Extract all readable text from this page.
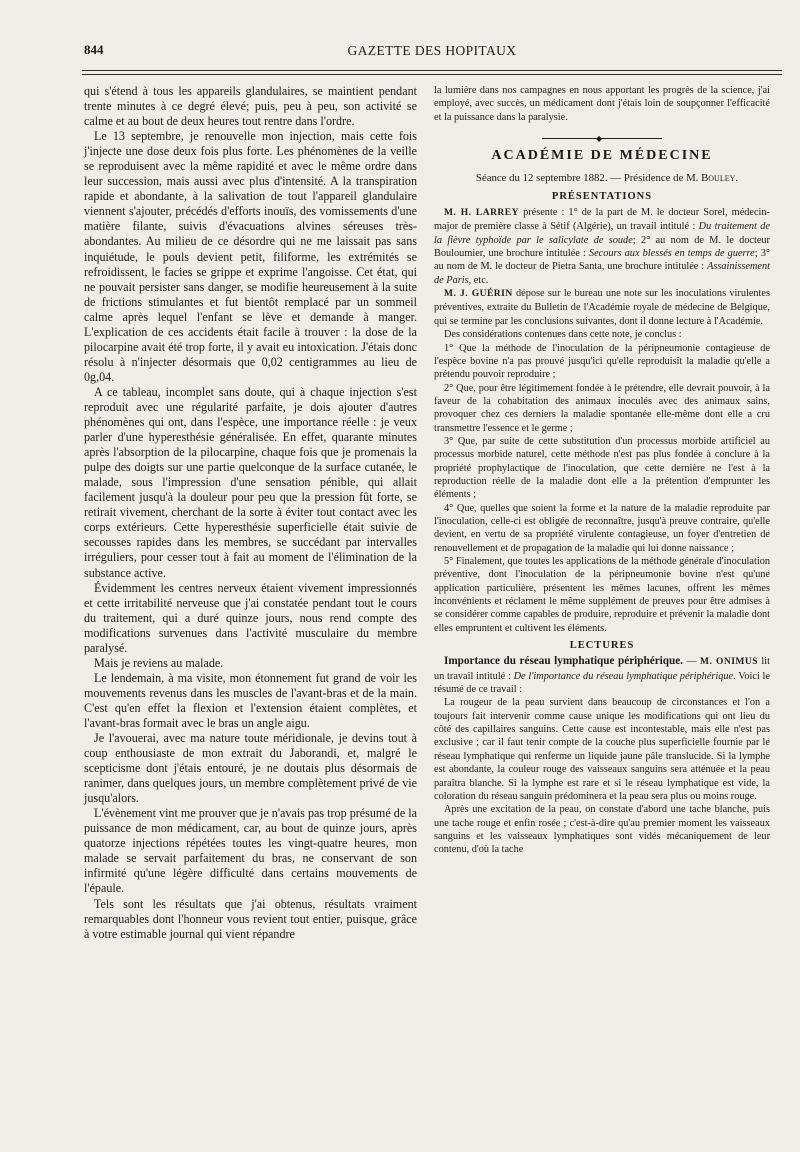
844	GAZETTE DES HOPITAUX

qui s'étend à tous les appareils glandulaires, se maintient pendant trente minutes à ce degré élevé; puis, peu à peu, son activité se calme et au bout de deux heures tout rentre dans l'ordre.

Le 13 septembre, je renouvelle mon injection, mais cette fois j'injecte une dose deux fois plus forte. Les phénomènes de la veille se reproduisent avec la même rapidité et avec le même ordre dans leur succession, mais aussi avec plus d'intensité. A la transpiration rapide et abondante, à la salivation de tout l'appareil glandulaire viennent s'ajouter, précédés d'efforts inouïs, des vomissements d'une matière filante, suivis d'évacuations alvines séreuses très-abondantes. Au milieu de ce désordre qui ne me laissait pas sans inquiétude, le pouls devient petit, filiforme, les extrémités se refroidissent, le facies se grippe et exprime l'angoisse. Cet état, qui ne pouvait persister sans danger, se modifie heureusement à la suite de frictions stimulantes et fut bientôt remplacé par un sommeil calme après lequel l'enfant se lève et demande à manger. L'explication de ces accidents était facile à trouver : la dose de la pilocarpine avait été trop forte, il y avait eu intoxication. J'étais donc résolu à n'injecter désormais que 0,02 centigrammes au lieu de 0g,04.

A ce tableau, incomplet sans doute, qui à chaque injection s'est reproduit avec une régularité parfaite, je dois ajouter d'autres phénomènes qui ont, dans l'espèce, une importance réelle : je veux parler d'une hyperesthésie généralisée. En effet, quarante minutes après l'absorption de la pilocarpine, chaque fois que je promenais la pulpe des doigts sur une partie quelconque de la surface cutanée, le malade, sous l'impression d'une sensation pénible, qui allait facilement jusqu'à la douleur pour peu que la pression fût forte, se retirait vivement, cherchant de la sorte à éviter tout contact avec les corps extérieurs. Cette hyperesthésie superficielle était suivie de secousses rapides dans les membres, se succédant par intervalles irréguliers, pour cesser tout à fait au moment de l'élimination de la substance active.

Évidemment les centres nerveux étaient vivement impressionnés et cette irritabilité nerveuse que j'ai constatée pendant tout le cours du traitement, qui a duré quinze jours, nous rend compte des modifications survenues dans l'activité musculaire du membre paralysé.

Mais je reviens au malade.

Le lendemain, à ma visite, mon étonnement fut grand de voir les mouvements revenus dans les muscles de l'avant-bras et de la main. C'est qu'en effet la flexion et l'extension étaient complètes, et l'avant-bras formait avec le bras un angle aigu.

Je l'avouerai, avec ma nature toute méridionale, je devins tout à coup enthousiaste de mon extrait du Jaborandi, et, malgré le scepticisme dont j'étais entouré, je ne doutais plus désormais de ranimer, dans quelques jours, un membre complètement privé de vie jusqu'alors.

L'évènement vint me prouver que je n'avais pas trop présumé de la puissance de mon médicament, car, au bout de quinze jours, après quatorze injections répétées toutes les vingt-quatre heures, mon malade se servait parfaitement du bras, ne conservant de son infirmité qu'une légère difficulté dans certains mouvements de l'épaule.

Tels sont les résultats que j'ai obtenus, résultats vraiment remarquables dont l'honneur vous revient tout entier, puisque, grâce à votre estimable journal qui vient répandre

la lumière dans nos campagnes en nous apportant les progrès de la science, j'ai employé, avec succès, un médicament dont j'étais loin de soupçonner l'efficacité et la puissance dans la paralysie.

◆
ACADÉMIE DE MÉDECINE

Séance du 12 septembre 1882. — Présidence de M. Bouley.

PRÉSENTATIONS

M. H. LARREY présente : 1° de la part de M. le docteur Sorel, médecin-major de première classe à Sétif (Algérie), un travail intitulé : Du traitement de la fièvre typhoïde par le salicylate de soude; 2° au nom de M. le docteur Bouloumier, une brochure intitulée : Secours aux blessés en temps de guerre; 3° au nom de M. le docteur de Pietra Santa, une brochure intitulée : Assainissement de Paris, etc.

M. J. GUÉRIN dépose sur le bureau une note sur les inoculations virulentes préventives, extraite du Bulletin de l'Académie royale de médecine de Belgique, qui se termine par les conclusions suivantes, dont il donne lecture à l'Académie.

Des considérations contenues dans cette note, je conclus :

1° Que la méthode de l'inoculation de la péripneumonie contagieuse de l'espèce bovine n'a pas prouvé jusqu'ici qu'elle reproduisît la maladie qu'elle a prétendu pouvoir reproduire ;

2° Que, pour être légitimement fondée à le prétendre, elle devrait pouvoir, à la faveur de la cohabitation des animaux inoculés avec des animaux sains, provoquer chez ces derniers la maladie spontanée elle-même dont elle a cru transmettre l'essence et le germe ;

3° Que, par suite de cette substitution d'un processus morbide artificiel au processus morbide naturel, cette méthode n'est pas plus fondée à conclure à la propriété prophylactique de l'inoculation, que cette dernière ne l'est à la reproduction réelle de la maladie dont elle a la prétention d'emprunter les éléments ;

4° Que, quelles que soient la forme et la nature de la maladie reproduite par l'inoculation, celle-ci est obligée de reconnaître, jusqu'à preuve contraire, qu'elle devient, en vertu de sa propriété virulente contagieuse, un foyer d'entretien de renouvellement et de propagation de la maladie qui lui donne naissance ;

5° Finalement, que toutes les applications de la méthode générale d'inoculation préventive, dont l'inoculation de la péripneumonie bovine n'est qu'une application particulière, présentent les mêmes lacunes, offrent les mêmes inconvénients et réclament le même supplément de preuves pour être admises à se considérer comme capables de produire, reproduire et prévenir la maladie dont elles empruntent et cultivent les éléments.

LECTURES

Importance du réseau lymphatique périphérique. — M. ONIMUS lit un travail intitulé : De l'importance du réseau lymphatique périphérique. Voici le résumé de ce travail :

La rougeur de la peau survient dans beaucoup de circonstances et l'on a toujours fait intervenir comme cause unique les modifications qui ont lieu du côté des capillaires sanguins. Cette cause est incontestable, mais elle n'est pas exclusive ; car il faut tenir compte de la couche plus superficielle fournie par le réseau lymphatique qui renferme un liquide jaune pâle translucide. Si la lymphe est abondante, la couleur rouge des vaisseaux sanguins sera atténuée et la peau paraîtra blanche. Si la lymphe est rare et si le réseau lymphatique est vide, la coloration du réseau sanguin prédominera et la peau sera plus ou moins rouge.

Après une excitation de la peau, on constate d'abord une tache blanche, puis une tache rouge et enfin rosée ; c'est-à-dire qu'au premier moment les vaisseaux sanguins et les vaisseaux lymphatiques sont vidés mécaniquement de leur contenu, d'où la tache
